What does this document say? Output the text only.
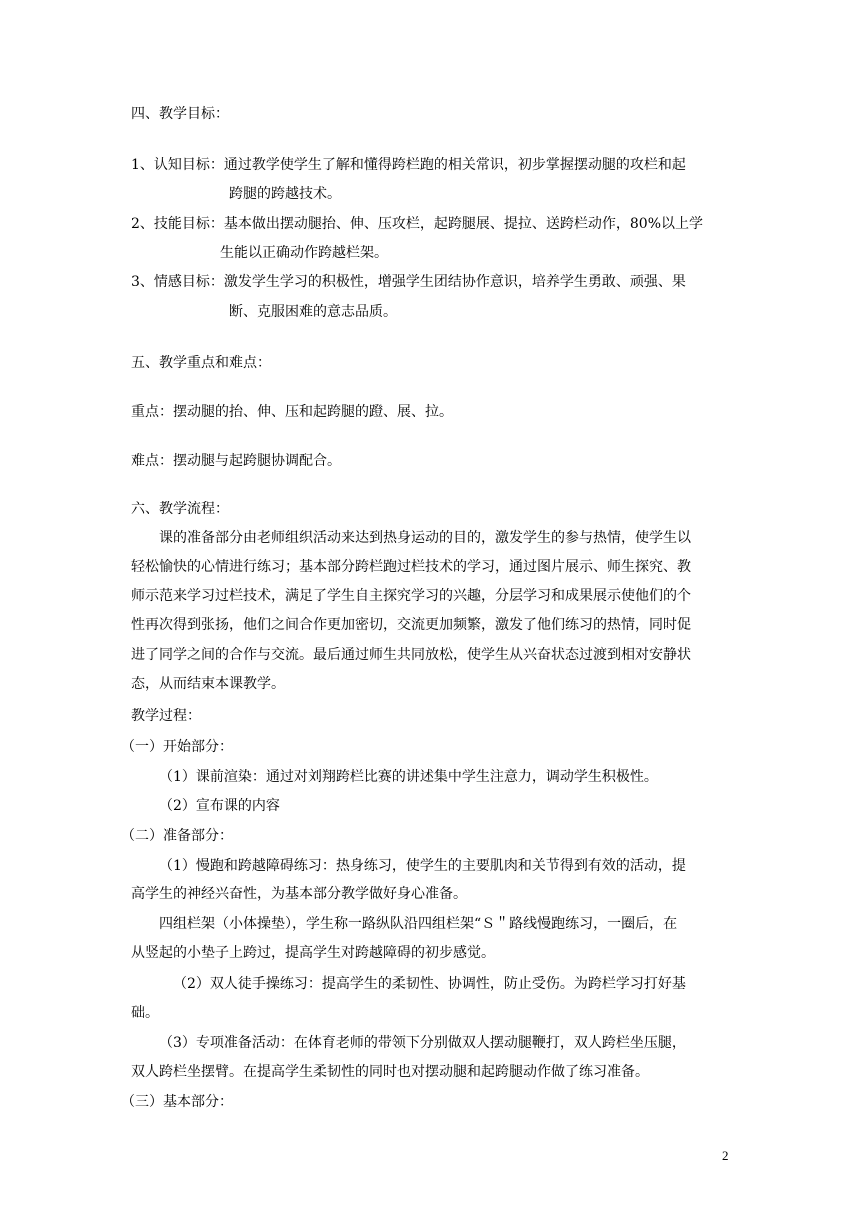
四、教学目标：
1、认知目标：通过教学使学生了解和懂得跨栏跑的相关常识，初步掌握摆动腿的攻栏和起
跨腿的跨越技术。
2、技能目标：基本做出摆动腿抬、伸、压攻栏，起跨腿展、提拉、送跨栏动作，80%以上学
生能以正确动作跨越栏架。
3、情感目标：激发学生学习的积极性，增强学生团结协作意识，培养学生勇敢、顽强、果
断、克服困难的意志品质。
五、教学重点和难点：
重点：摆动腿的抬、伸、压和起跨腿的蹬、展、拉。
难点：摆动腿与起跨腿协调配合。
六、教学流程：
课的准备部分由老师组织活动来达到热身运动的目的，激发学生的参与热情，使学生以
轻松愉快的心情进行练习；基本部分跨栏跑过栏技术的学习，通过图片展示、师生探究、教
师示范来学习过栏技术，满足了学生自主探究学习的兴趣，分层学习和成果展示使他们的个
性再次得到张扬，他们之间合作更加密切，交流更加频繁，激发了他们练习的热情，同时促
进了同学之间的合作与交流。最后通过师生共同放松，使学生从兴奋状态过渡到相对安静状
态，从而结束本课教学。
教学过程：
（一）开始部分：
（1）课前渲染：通过对刘翔跨栏比赛的讲述集中学生注意力，调动学生积极性。
（2）宣布课的内容
（二）准备部分：
（1）慢跑和跨越障碍练习：热身练习，使学生的主要肌肉和关节得到有效的活动，提
高学生的神经兴奋性，为基本部分教学做好身心准备。
四组栏架（小体操垫），学生称一路纵队沿四组栏架“Ｓ＂路线慢跑练习，一圈后，在
从竖起的小垫子上跨过，提高学生对跨越障碍的初步感觉。
（2）双人徒手操练习：提高学生的柔韧性、协调性，防止受伤。为跨栏学习打好基
础。
（3）专项准备活动：在体育老师的带领下分别做双人摆动腿鞭打，双人跨栏坐压腿，
双人跨栏坐摆臂。在提高学生柔韧性的同时也对摆动腿和起跨腿动作做了练习准备。
（三）基本部分：
2
